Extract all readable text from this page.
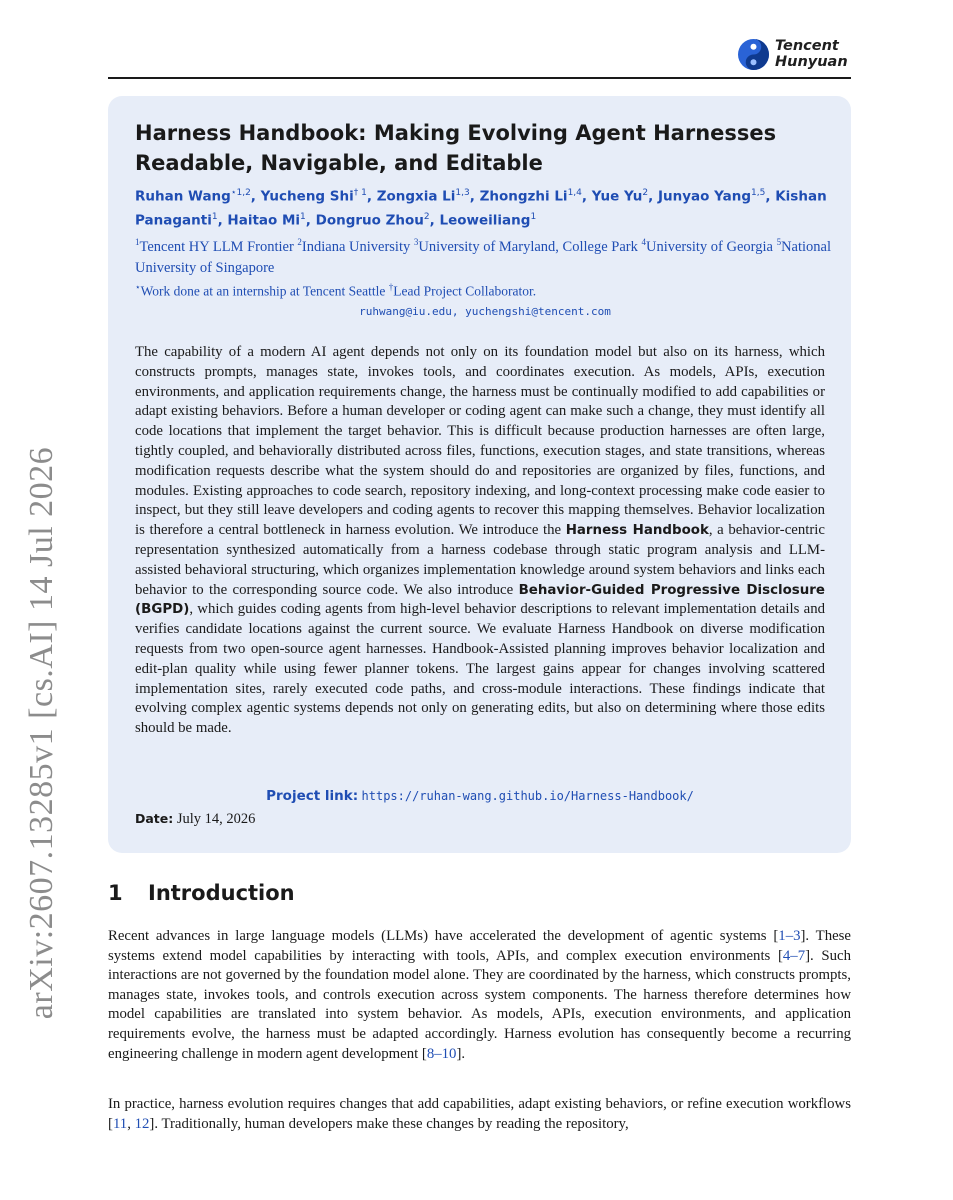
arXiv:2607.13285v1 [cs.AI] 14 Jul 2026
Tencent
Hunyuan
Harness Handbook: Making Evolving Agent Harnesses Readable, Navigable, and Editable
Ruhan Wang$^{⋆1,2}$, Yucheng Shi$^{\dagger 1}$, Zongxia Li$^{1,3}$, Zhongzhi Li$^{1,4}$, Yue Yu$^2$, Junyao Yang$^{1,5}$, Kishan Panaganti$^1$, Haitao Mi$^1$, Dongruo Zhou$^2$, Leoweiliang$^1$
$^1$Tencent HY LLM Frontier $^2$Indiana University $^3$University of Maryland, College Park $^4$University of Georgia $^5$National University of Singapore
⋆Work done at an internship at Tencent Seattle †Lead Project Collaborator.
ruhwang@iu.edu, yuchengshi@tencent.com
The capability of a modern AI agent depends not only on its foundation model but also on its harness, which constructs prompts, manages state, invokes tools, and coordinates execution. As models, APIs, execution environments, and application requirements change, the harness must be continually modified to add capabilities or adapt existing behaviors. Before a human developer or coding agent can make such a change, they must identify all code locations that implement the target behavior. This is difficult because production harnesses are often large, tightly coupled, and behaviorally distributed across files, functions, execution stages, and state transitions, whereas modification requests describe what the system should do and repositories are organized by files, functions, and modules. Existing approaches to code search, repository indexing, and long-context processing make code easier to inspect, but they still leave developers and coding agents to recover this mapping themselves. Behavior localization is therefore a central bottleneck in harness evolution. We introduce the Harness Handbook, a behavior-centric representation synthesized automatically from a harness codebase through static program analysis and LLM-assisted behavioral structuring, which organizes implementation knowledge around system behaviors and links each behavior to the corresponding source code. We also introduce Behavior-Guided Progressive Disclosure (BGPD), which guides coding agents from high-level behavior descriptions to relevant implementation details and verifies candidate locations against the current source. We evaluate Harness Handbook on diverse modification requests from two open-source agent harnesses. Handbook-Assisted planning improves behavior localization and edit-plan quality while using fewer planner tokens. The largest gains appear for changes involving scattered implementation sites, rarely executed code paths, and cross-module interactions. These findings indicate that evolving complex agentic systems depends not only on generating edits, but also on determining where those edits should be made.
Project link: https://ruhan-wang.github.io/Harness-Handbook/
Date: July 14, 2026
1 Introduction

Recent advances in large language models (LLMs) have accelerated the development of agentic systems [1–3]. These systems extend model capabilities by interacting with tools, APIs, and complex execution environments [4–7]. Such interactions are not governed by the foundation model alone. They are coordinated by the harness, which constructs prompts, manages state, invokes tools, and controls execution across system components. The harness therefore determines how model capabilities are translated into system behavior. As models, APIs, execution environments, and application requirements evolve, the harness must be adapted accordingly. Harness evolution has consequently become a recurring engineering challenge in modern agent development [8–10].

In practice, harness evolution requires changes that add capabilities, adapt existing behaviors, or refine execution workflows [11, 12]. Traditionally, human developers make these changes by reading the repository,
